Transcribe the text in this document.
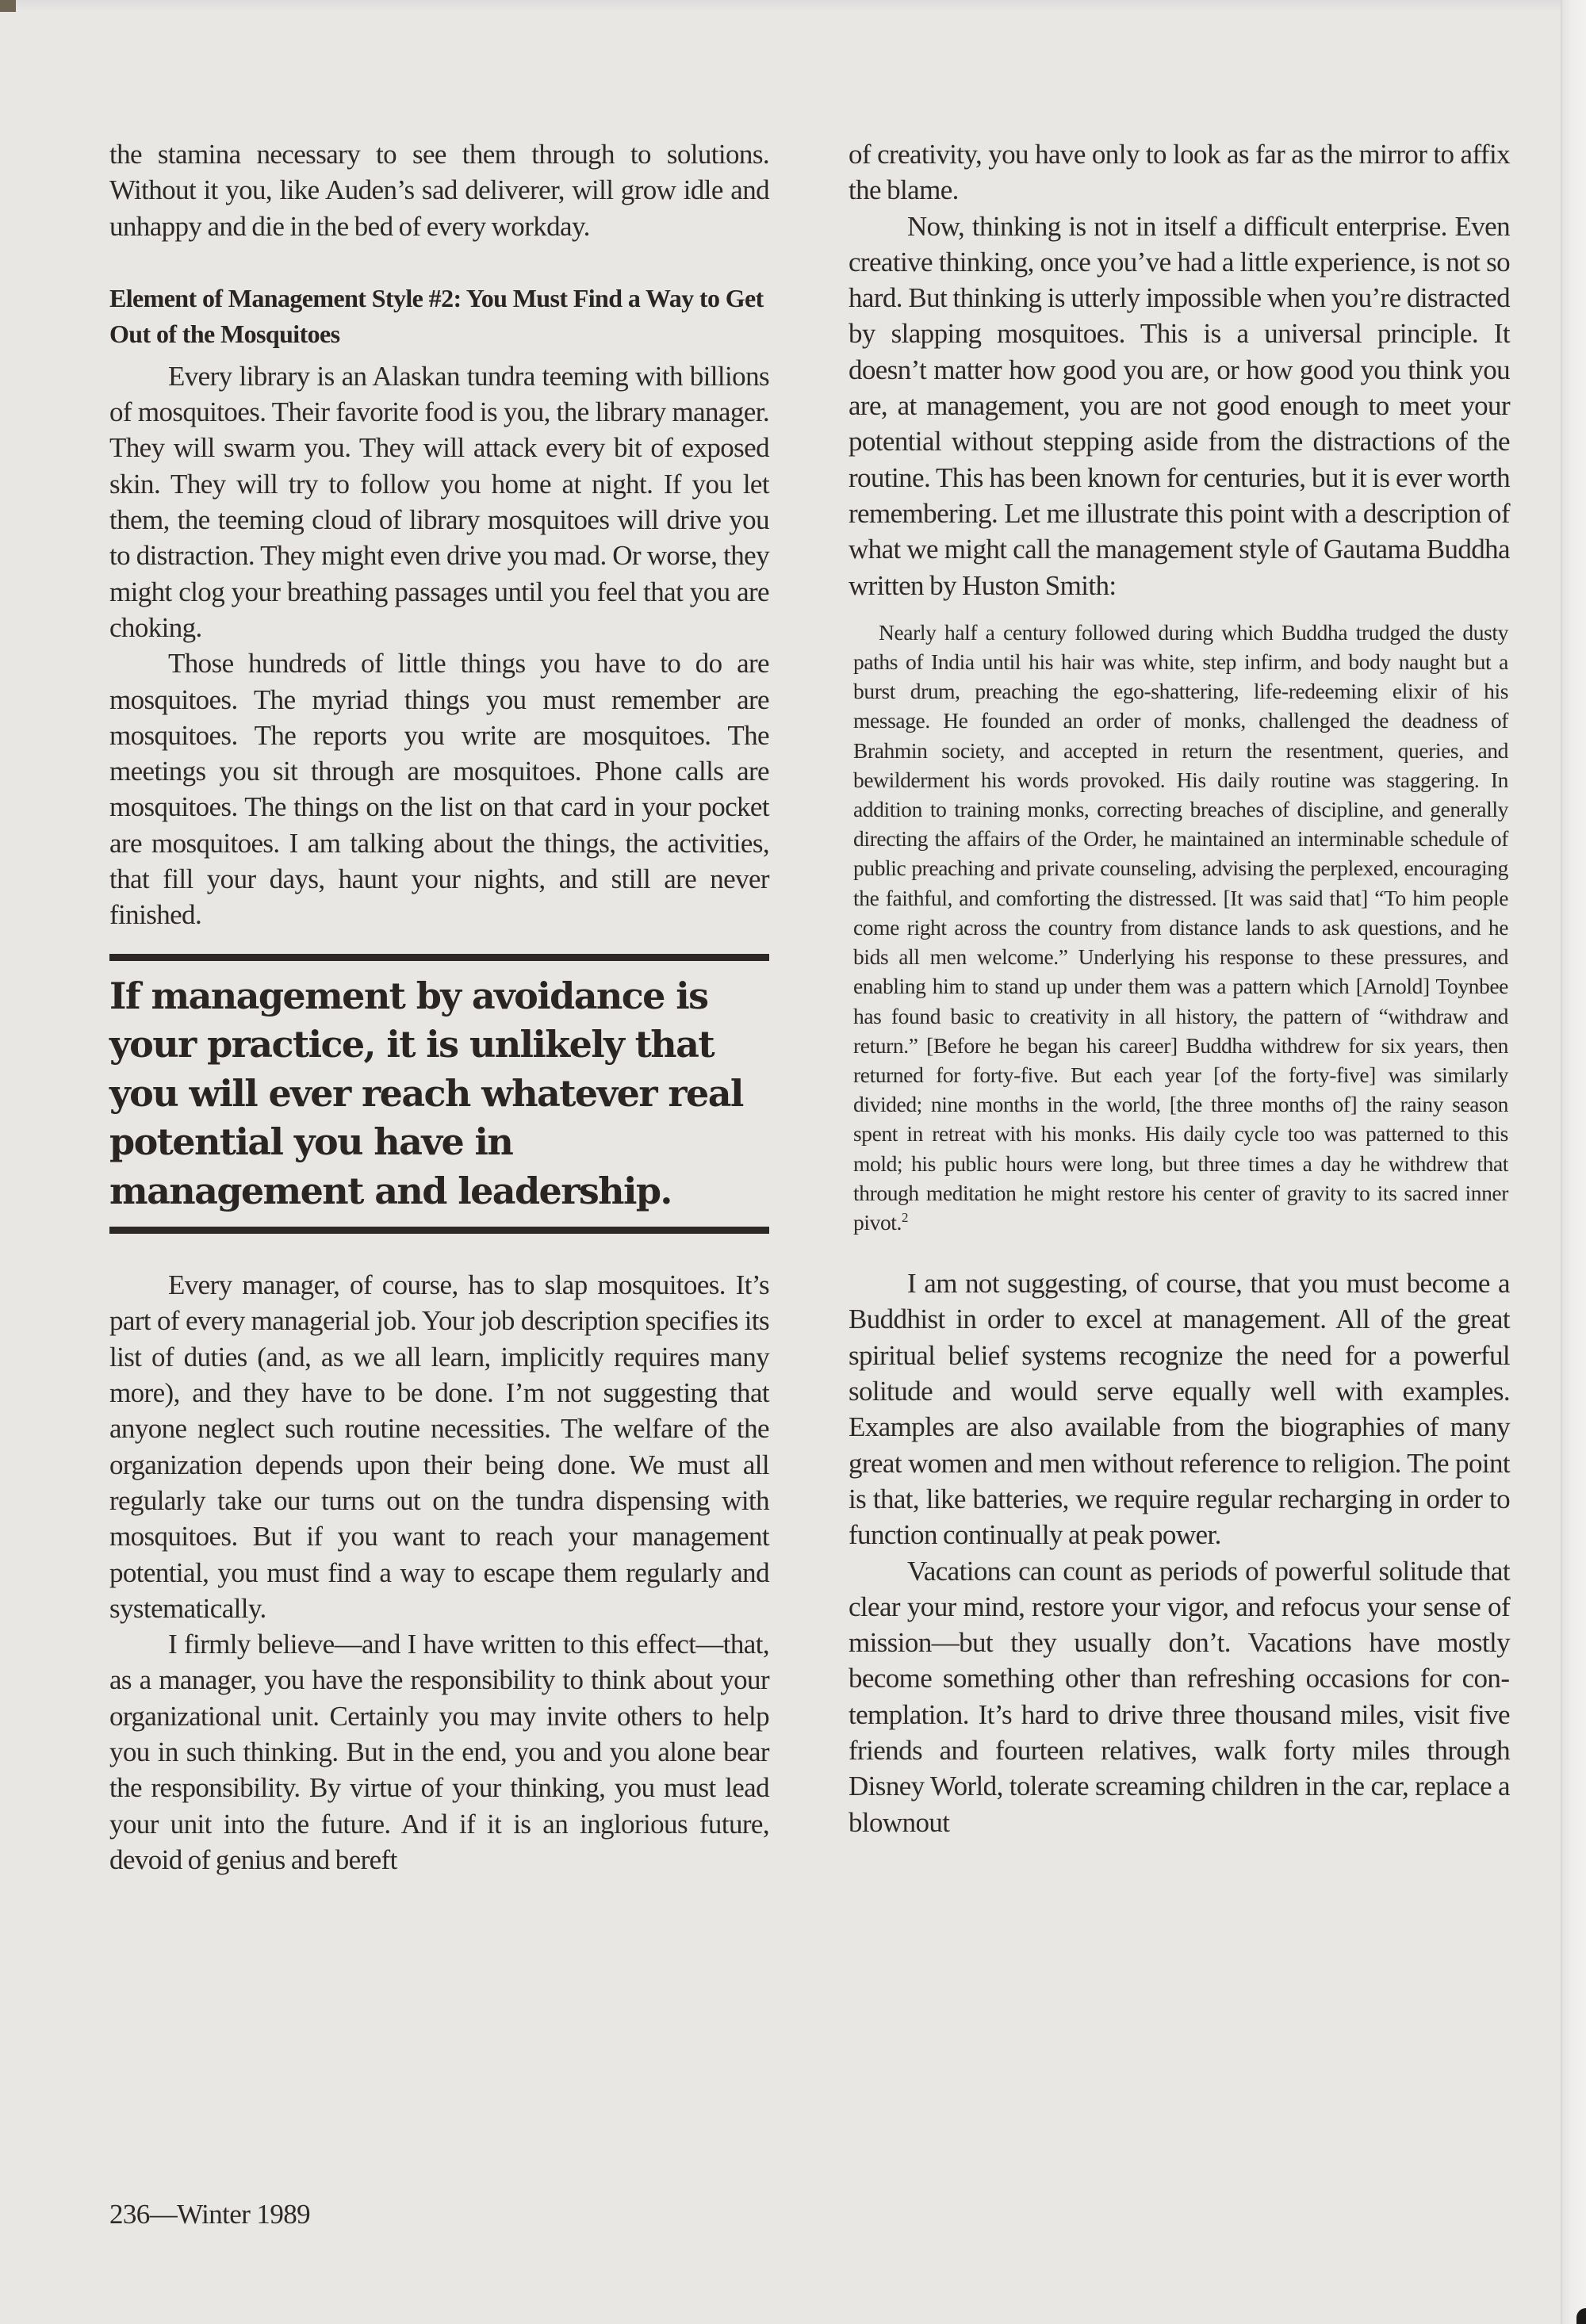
the stamina necessary to see them through to solutions. Without it you, like Auden’s sad deliverer, will grow idle and unhappy and die in the bed of every workday.

Element of Management Style #2: You Must Find a Way to Get Out of the Mosquitoes

Every library is an Alaskan tundra teeming with billions of mosquitoes. Their favorite food is you, the library manager. They will swarm you. They will attack every bit of exposed skin. They will try to follow you home at night. If you let them, the teeming cloud of library mosquitoes will drive you to distraction. They might even drive you mad. Or worse, they might clog your breathing passages until you feel that you are choking.

Those hundreds of little things you have to do are mosquitoes. The myriad things you must remember are mosquitoes. The reports you write are mosquitoes. The meetings you sit through are mosquitoes. Phone calls are mosquitoes. The things on the list on that card in your pocket are mosquitoes. I am talking about the things, the activities, that fill your days, haunt your nights, and still are never finished.

If management by avoidance is your practice, it is unlikely that you will ever reach whatever real potential you have in management and leadership.

Every manager, of course, has to slap mosquitoes. It’s part of every managerial job. Your job description specifies its list of duties (and, as we all learn, implicitly requires many more), and they have to be done. I’m not suggesting that anyone neglect such routine necessities. The welfare of the organization depends upon their being done. We must all regularly take our turns out on the tundra dispensing with mosquitoes. But if you want to reach your management potential, you must find a way to escape them regularly and systematically.

I firmly believe—and I have written to this effect—that, as a manager, you have the responsibility to think about your organizational unit. Certainly you may invite others to help you in such thinking. But in the end, you and you alone bear the responsibility. By virtue of your thinking, you must lead your unit into the future. And if it is an inglorious future, devoid of genius and bereft

of creativity, you have only to look as far as the mirror to affix the blame.

Now, thinking is not in itself a difficult enterprise. Even creative thinking, once you’ve had a little experience, is not so hard. But thinking is utterly impossible when you’re distracted by slapping mosquitoes. This is a universal principle. It doesn’t matter how good you are, or how good you think you are, at management, you are not good enough to meet your potential without stepping aside from the distractions of the routine. This has been known for centuries, but it is ever worth remembering. Let me illustrate this point with a description of what we might call the management style of Gautama Buddha written by Huston Smith:

Nearly half a century followed during which Buddha trudged the dusty paths of India until his hair was white, step infirm, and body naught but a burst drum, preaching the ego-shattering, life-redeeming elixir of his message. He founded an order of monks, challenged the deadness of Brahmin society, and accepted in return the resentment, queries, and bewilderment his words provoked. His daily routine was staggering. In addition to training monks, correcting breaches of discipline, and generally directing the affairs of the Order, he maintained an interminable schedule of public preaching and private counseling, advising the perplexed, encouraging the faithful, and comforting the distressed. [It was said that] “To him people come right across the country from distance lands to ask questions, and he bids all men welcome.” Underlying his response to these pressures, and enabling him to stand up under them was a pattern which [Arnold] Toynbee has found basic to creativity in all history, the pattern of “withdraw and return.” [Before he began his career] Buddha withdrew for six years, then returned for forty-five. But each year [of the forty-five] was similarly divided; nine months in the world, [the three months of] the rainy season spent in retreat with his monks. His daily cycle too was patterned to this mold; his public hours were long, but three times a day he withdrew that through meditation he might restore his center of gravity to its sacred inner pivot.$^2$

I am not suggesting, of course, that you must become a Buddhist in order to excel at management. All of the great spiritual belief systems recognize the need for a powerful solitude and would serve equally well with examples. Examples are also available from the biographies of many great women and men without reference to religion. The point is that, like batteries, we require regular recharging in order to function continually at peak power.

Vacations can count as periods of powerful solitude that clear your mind, restore your vigor, and refocus your sense of mission—but they usually don’t. Vacations have mostly become something other than refreshing occasions for contemplation. It’s hard to drive three thousand miles, visit five friends and fourteen relatives, walk forty miles through Disney World, tolerate screaming children in the car, replace a blownout

236—Winter 1989
